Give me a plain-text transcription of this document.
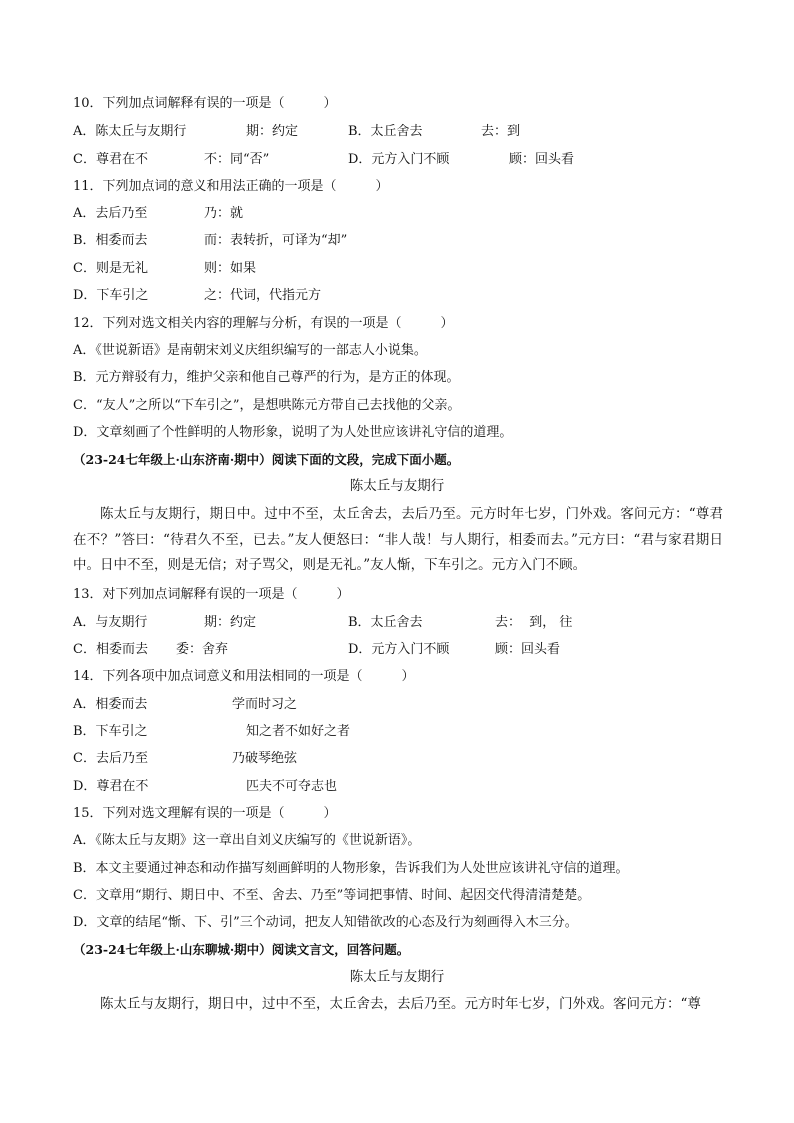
10．下列加点词解释有误的一项是（　　　）
A．陈太丘与友期行	期：约定	B．太丘舍去	去：到
C．尊君在不	不：同“否”	D．元方入门不顾	顾：回头看
11．下列加点词的意义和用法正确的一项是（　　　）
A．去后乃至	乃：就
B．相委而去	而：表转折，可译为“却”
C．则是无礼	则：如果
D．下车引之	之：代词，代指元方
12．下列对选文相关内容的理解与分析，有误的一项是（　　　）
A．《世说新语》是南朝宋刘义庆组织编写的一部志人小说集。
B．元方辩驳有力，维护父亲和他自己尊严的行为，是方正的体现。
C．“友人”之所以“下车引之”，是想哄陈元方带自己去找他的父亲。
D．文章刻画了个性鲜明的人物形象，说明了为人处世应该讲礼守信的道理。
（23-24七年级上·山东济南·期中）阅读下面的文段，完成下面小题。
陈太丘与友期行
陈太丘与友期行，期日中。过中不至，太丘舍去，去后乃至。元方时年七岁，门外戏。客问元方：“尊君在不？”答曰：“待君久不至，已去。”友人便怒曰：“非人哉！与人期行，相委而去。”元方曰：“君与家君期日中。日中不至，则是无信；对子骂父，则是无礼。”友人惭，下车引之。元方入门不顾。
13．对下列加点词解释有误的一项是（　　　）
A．与友期行	期：约定	B．太丘舍去	去：  到， 往
C．相委而去 委：舍弃	D．元方入门不顾	顾：回头看
14．下列各项中加点词意义和用法相同的一项是（　　　）
A．相委而去	学而时习之
B．下车引之	知之者不如好之者
C．去后乃至	乃破琴绝弦
D．尊君在不	匹夫不可夺志也
15．下列对选文理解有误的一项是（　　　）
A．《陈太丘与友期》这一章出自刘义庆编写的《世说新语》。
B．本文主要通过神态和动作描写刻画鲜明的人物形象，告诉我们为人处世应该讲礼守信的道理。
C．文章用“期行、期日中、不至、舍去、乃至”等词把事情、时间、起因交代得清清楚楚。
D．文章的结尾“惭、下、引”三个动词，把友人知错欲改的心态及行为刻画得入木三分。
（23-24七年级上·山东聊城·期中）阅读文言文，回答问题。
陈太丘与友期行
陈太丘与友期行，期日中，过中不至，太丘舍去，去后乃至。元方时年七岁，门外戏。客问元方：“尊
